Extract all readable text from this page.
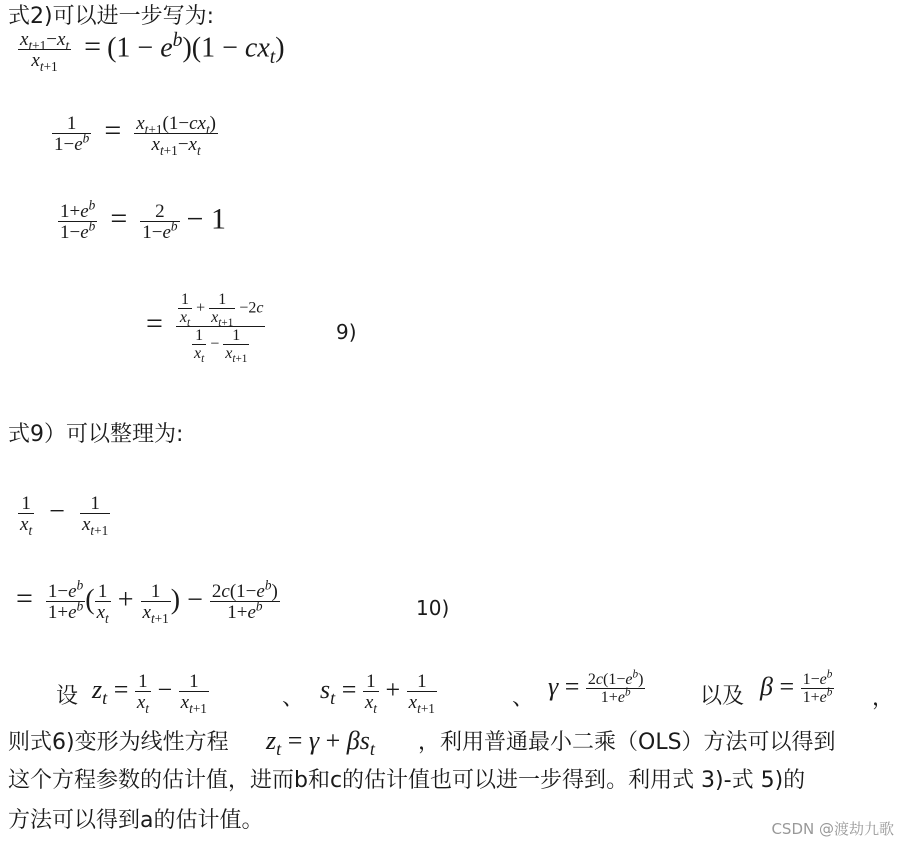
式2)可以进一步写为:
$\frac{x_{t+1}-x_t}{x_{t+1}} = (1 - e^b)(1 - cx_t)$
$\frac{1}{1-e^b} = \frac{x_{t+1}(1-cx_t)}{x_{t+1}-x_t}$
$\frac{1+e^b}{1-e^b} = \frac{2}{1-e^b} - 1$
= $\frac{\frac{1}{x_t} + \frac{1}{x_{t+1}} -2c}{\frac{1}{x_t} - \frac{1}{x_{t+1}}}$	9)
式9）可以整理为:
$\frac{1}{x_t} - \frac{1}{x_{t+1}}$
= $\frac{1-e^b}{1+e^b}$ ( $\frac{1}{x_t} + \frac{1}{x_{t+1}}$ ) − $\frac{2c(1-e^b)}{1+e^b}$	10)
设 $z_t = \frac{1}{x_t} - \frac{1}{x_{t+1}}$	、 $s_t = \frac{1}{x_t} + \frac{1}{x_{t+1}}$	、 $\gamma = \frac{2c(1-e^b)}{1+e^b}$ 以及 $\beta = \frac{1-e^b}{1+e^b}$ ，
则式6)变形为线性方程 $z_t = \gamma + \beta s_t$ ，利用普通最小二乘（OLS）方法可以得到
这个方程参数的估计值，进而b和c的估计值也可以进一步得到。利用式 3)-式 5)的
方法可以得到a的估计值。	CSDN @渡劫九歌
